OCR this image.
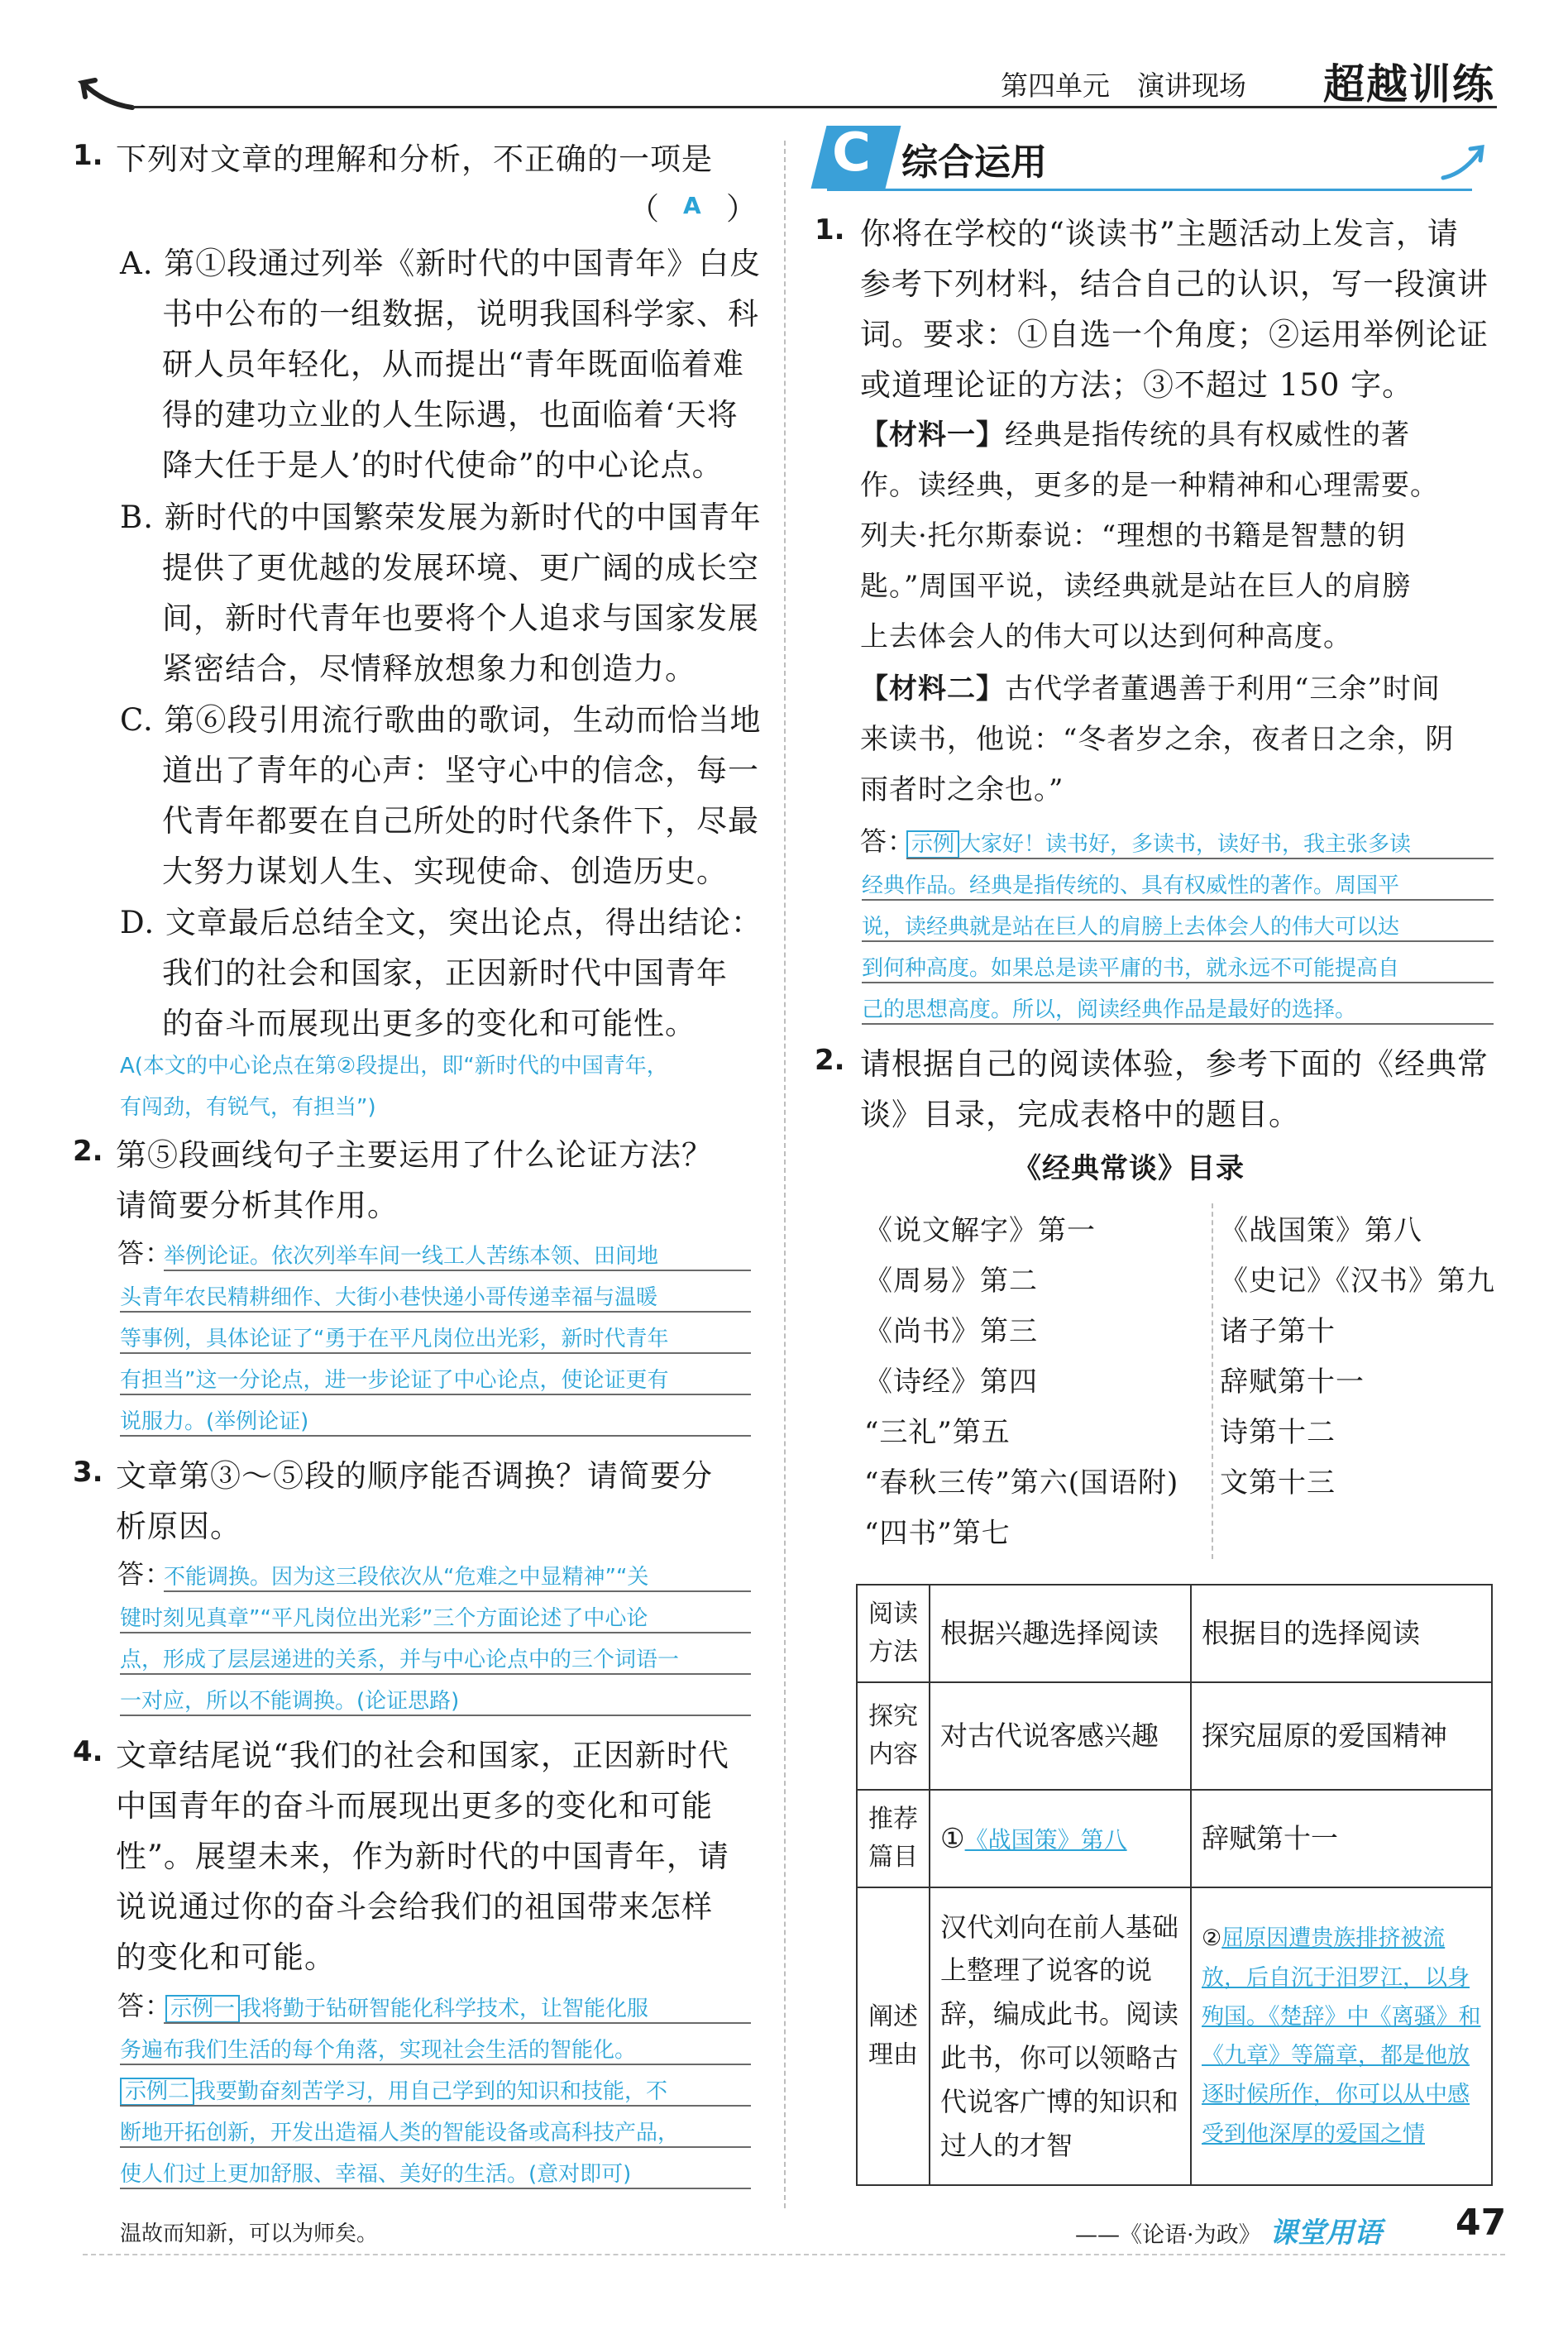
第四单元　演讲现场 超越训练
1. 下列对文章的理解和分析，不正确的一项是
（ A ）
A. 第①段通过列举《新时代的中国青年》白皮
书中公布的一组数据，说明我国科学家、科
研人员年轻化，从而提出“青年既面临着难
得的建功立业的人生际遇，也面临着‘天将
降大任于是人’的时代使命”的中心论点。
B. 新时代的中国繁荣发展为新时代的中国青年
提供了更优越的发展环境、更广阔的成长空
间，新时代青年也要将个人追求与国家发展
紧密结合，尽情释放想象力和创造力。
C. 第⑥段引用流行歌曲的歌词，生动而恰当地
道出了青年的心声：坚守心中的信念，每一
代青年都要在自己所处的时代条件下，尽最
大努力谋划人生、实现使命、创造历史。
D. 文章最后总结全文，突出论点，得出结论：
我们的社会和国家，正因新时代中国青年
的奋斗而展现出更多的变化和可能性。
A(本文的中心论点在第②段提出，即“新时代的中国青年，
有闯劲，有锐气，有担当”)
2. 第⑤段画线句子主要运用了什么论证方法？
请简要分析其作用。
答：
举例论证。依次列举车间一线工人苦练本领、田间地
头青年农民精耕细作、大街小巷快递小哥传递幸福与温暖
等事例，具体论证了“勇于在平凡岗位出光彩，新时代青年
有担当”这一分论点，进一步论证了中心论点，使论证更有
说服力。(举例论证)
3. 文章第③～⑤段的顺序能否调换？请简要分
析原因。
答：
不能调换。因为这三段依次从“危难之中显精神”“关
键时刻见真章”“平凡岗位出光彩”三个方面论述了中心论
点，形成了层层递进的关系，并与中心论点中的三个词语一
一对应，所以不能调换。(论证思路)
4. 文章结尾说“我们的社会和国家，正因新时代
中国青年的奋斗而展现出更多的变化和可能
性”。展望未来，作为新时代的中国青年，请
说说通过你的奋斗会给我们的祖国带来怎样
的变化和可能。
答：
示例一 我将勤于钻研智能化科学技术，让智能化服
务遍布我们生活的每个角落，实现社会生活的智能化。
示例二 我要勤奋刻苦学习，用自己学到的知识和技能，不
断地开拓创新，开发出造福人类的智能设备或高科技产品，
使人们过上更加舒服、幸福、美好的生活。(意对即可)
C 综合运用
1. 你将在学校的“谈读书”主题活动上发言，请
参考下列材料，结合自己的认识，写一段演讲
词。要求：①自选一个角度；②运用举例论证
或道理论证的方法；③不超过 150 字。
【材料一】经典是指传统的具有权威性的著
作。读经典，更多的是一种精神和心理需要。
列夫·托尔斯泰说：“理想的书籍是智慧的钥
匙。”周国平说，读经典就是站在巨人的肩膀
上去体会人的伟大可以达到何种高度。
【材料二】古代学者董遇善于利用“三余”时间
来读书，他说：“冬者岁之余，夜者日之余，阴
雨者时之余也。”
答：
示例 大家好！读书好，多读书，读好书，我主张多读
经典作品。经典是指传统的、具有权威性的著作。周国平
说，读经典就是站在巨人的肩膀上去体会人的伟大可以达
到何种高度。如果总是读平庸的书，就永远不可能提高自
己的思想高度。所以，阅读经典作品是最好的选择。
2. 请根据自己的阅读体验，参考下面的《经典常
谈》目录，完成表格中的题目。
《经典常谈》目录
《说文解字》第一
《周易》第二
《尚书》第三
《诗经》第四
“三礼”第五
“春秋三传”第六(国语附)
“四书”第七
《战国策》第八
《史记》《汉书》第九
诸子第十
辞赋第十一
诗第十二
文第十三
阅读方法	根据兴趣选择阅读	根据目的选择阅读
探究内容	对古代说客感兴趣	探究屈原的爱国精神
推荐篇目	①《战国策》第八	辞赋第十一
阐述理由	汉代刘向在前人基础上整理了说客的说辞，编成此书。阅读此书，你可以领略古代说客广博的知识和过人的才智	②屈原因遭贵族排挤被流放，后自沉于汨罗江，以身殉国。《楚辞》中《离骚》和《九章》等篇章，都是他放逐时候所作，你可以从中感受到他深厚的爱国之情
温故而知新，可以为师矣。	——《论语·为政》 课堂用语 47
